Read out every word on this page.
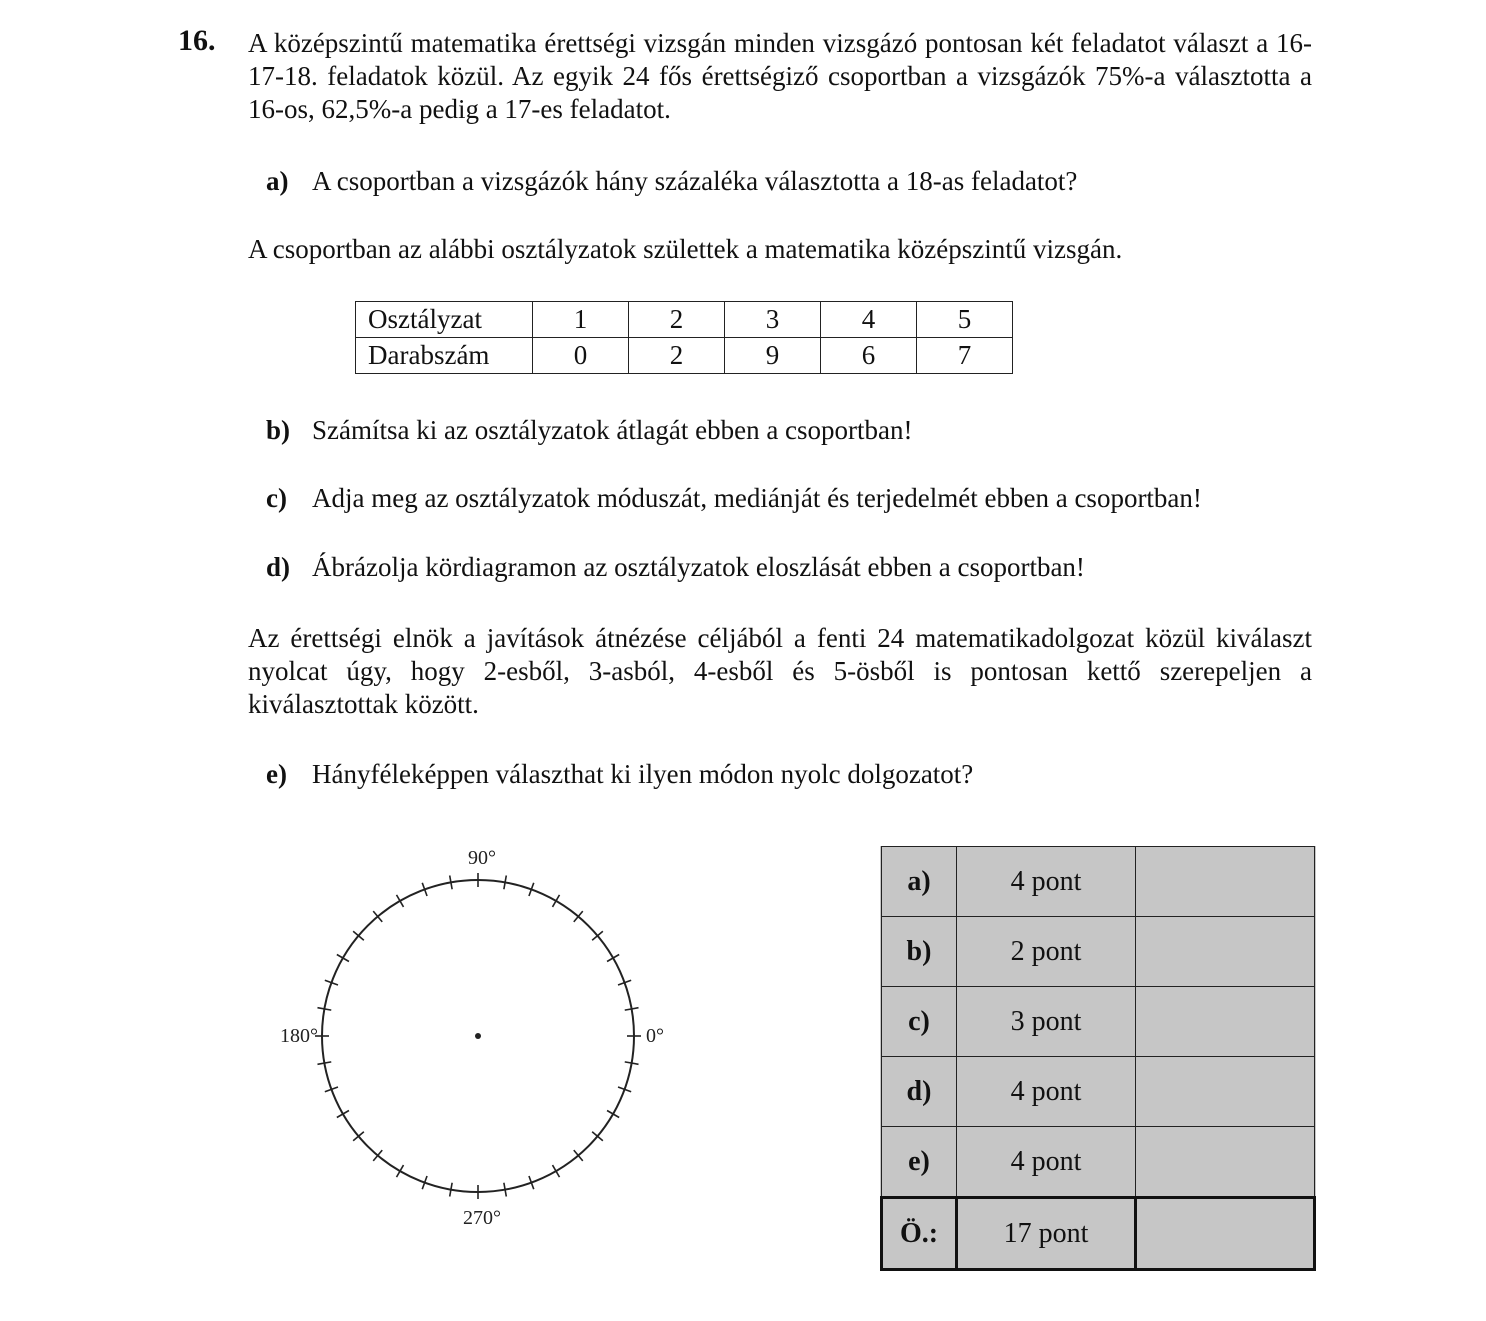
16. A középszintű matematika érettségi vizsgán minden vizsgázó pontosan két feladatot választ a 16-17-18. feladatok közül. Az egyik 24 fős érettségiző csoportban a vizsgázók 75%-a választotta a 16-os, 62,5%-a pedig a 17-es feladatot.
a) A csoportban a vizsgázók hány százaléka választotta a 18-as feladatot?
A csoportban az alábbi osztályzatok születtek a matematika középszintű vizsgán.
Osztályzat	1	2	3	4	5
Darabszám	0	2	9	6	7
b) Számítsa ki az osztályzatok átlagát ebben a csoportban!
c) Adja meg az osztályzatok móduszát, mediánját és terjedelmét ebben a csoportban!
d) Ábrázolja kördiagramon az osztályzatok eloszlását ebben a csoportban!
Az érettségi elnök a javítások átnézése céljából a fenti 24 matematikadolgozat közül kiválaszt nyolcat úgy, hogy 2-esből, 3-asból, 4-esből és 5-ösből is pontosan kettő szerepeljen a kiválasztottak között.
e) Hányféleképpen választhat ki ilyen módon nyolc dolgozatot?
90°
180°	0°
270°
a)	4 pont	
b)	2 pont	
c)	3 pont	
d)	4 pont	
e)	4 pont	
Ö.:	17 pont	
